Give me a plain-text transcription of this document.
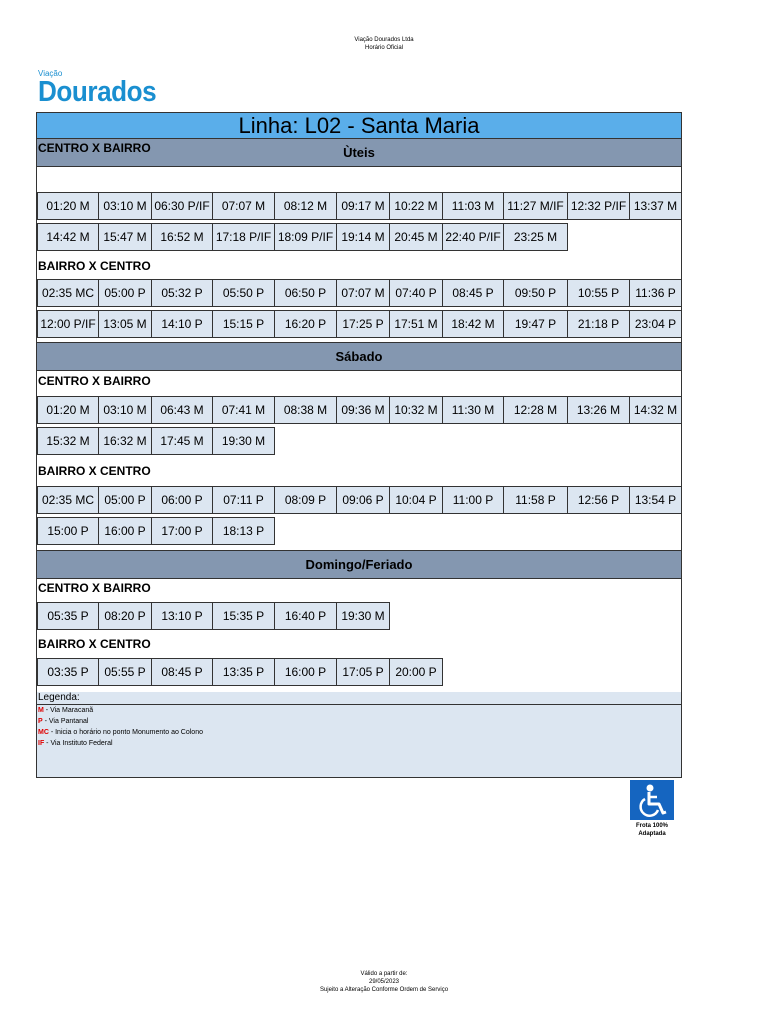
Viação Dourados Ltda
Horário Oficial
Viação
Dourados
Linha: L02 - Santa Maria
Legenda:
M - Via Maracanã
P - Via Pantanal
MC - Inicia o horário no ponto Monumento ao Colono
IF - Via Instituto Federal
Ùteis
CENTRO X BAIRRO
01:20 M	03:10 M 06:30 P/IF	07:07 M	08:12 M	09:17 M 10:22 M	11:03 M	11:27 M/IF 12:32 P/IF 13:37 M
14:42 M	15:47 M	16:52 M	17:18 P/IF 18:09 P/IF 19:14 M 20:45 M 22:40 P/IF	23:25 M
BAIRRO X CENTRO
02:35 MC 05:00 P	05:32 P	05:50 P	06:50 P	07:07 M 07:40 P	08:45 P	09:50 P	10:55 P	11:36 P
12:00 P/IF 13:05 M	14:10 P	15:15 P	16:20 P	17:25 P 17:51 M	18:42 M	19:47 P	21:18 P	23:04 P
Sábado
CENTRO X BAIRRO
01:20 M	03:10 M	06:43 M	07:41 M	08:38 M	09:36 M 10:32 M	11:30 M	12:28 M	13:26 M	14:32 M
15:32 M	16:32 M	17:45 M	19:30 M
BAIRRO X CENTRO
02:35 MC 05:00 P	06:00 P	07:11 P	08:09 P	09:06 P 10:04 P	11:00 P	11:58 P	12:56 P	13:54 P
15:00 P	16:00 P	17:00 P	18:13 P
Domingo/Feriado
CENTRO X BAIRRO
05:35 P	08:20 P	13:10 P	15:35 P	16:40 P	19:30 M
BAIRRO X CENTRO
03:35 P	05:55 P	08:45 P	13:35 P	16:00 P	17:05 P 20:00 P
Frota 100%
Adaptada
Válido a partir de:
29/05/2023
Sujeito a Alteração Conforme Ordem de Serviço
